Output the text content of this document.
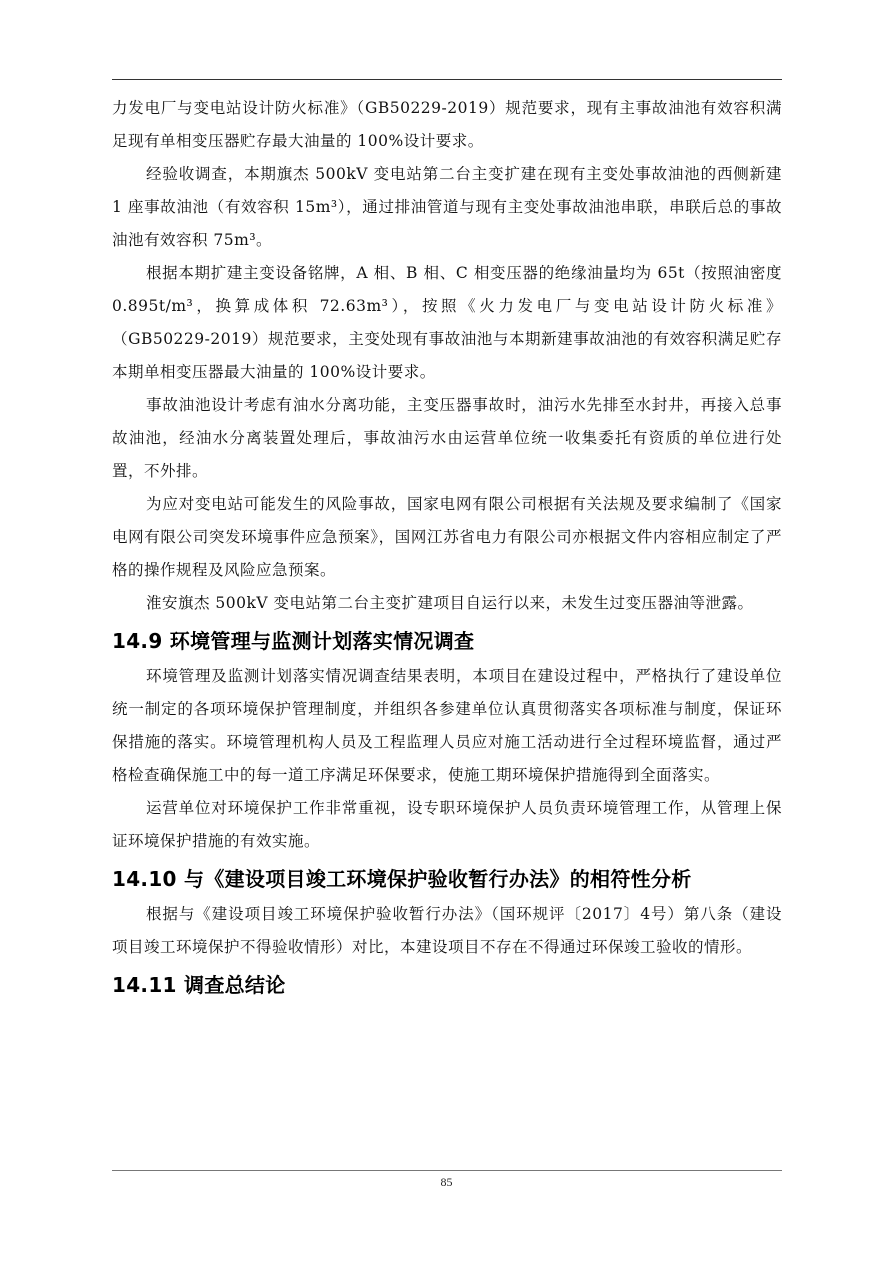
力发电厂与变电站设计防火标准》（GB50229-2019）规范要求，现有主事故油池有效容积满足现有单相变压器贮存最大油量的 100%设计要求。

经验收调查，本期旗杰 500kV 变电站第二台主变扩建在现有主变处事故油池的西侧新建 1 座事故油池（有效容积 15m³），通过排油管道与现有主变处事故油池串联，串联后总的事故油池有效容积 75m³。

根据本期扩建主变设备铭牌，A 相、B 相、C 相变压器的绝缘油量均为 65t（按照油密度 0.895t/m³，换算成体积 72.63m³），按照《火力发电厂与变电站设计防火标准》（GB50229-2019）规范要求，主变处现有事故油池与本期新建事故油池的有效容积满足贮存本期单相变压器最大油量的 100%设计要求。

事故油池设计考虑有油水分离功能，主变压器事故时，油污水先排至水封井，再接入总事故油池，经油水分离装置处理后，事故油污水由运营单位统一收集委托有资质的单位进行处置，不外排。

为应对变电站可能发生的风险事故，国家电网有限公司根据有关法规及要求编制了《国家电网有限公司突发环境事件应急预案》，国网江苏省电力有限公司亦根据文件内容相应制定了严格的操作规程及风险应急预案。

淮安旗杰 500kV 变电站第二台主变扩建项目自运行以来，未发生过变压器油等泄露。

14.9 环境管理与监测计划落实情况调查

环境管理及监测计划落实情况调查结果表明，本项目在建设过程中，严格执行了建设单位统一制定的各项环境保护管理制度，并组织各参建单位认真贯彻落实各项标准与制度，保证环保措施的落实。环境管理机构人员及工程监理人员应对施工活动进行全过程环境监督，通过严格检查确保施工中的每一道工序满足环保要求，使施工期环境保护措施得到全面落实。

运营单位对环境保护工作非常重视，设专职环境保护人员负责环境管理工作，从管理上保证环境保护措施的有效实施。

14.10 与《建设项目竣工环境保护验收暂行办法》的相符性分析

根据与《建设项目竣工环境保护验收暂行办法》（国环规评〔2017〕4号）第八条（建设项目竣工环境保护不得验收情形）对比，本建设项目不存在不得通过环保竣工验收的情形。

14.11 调查总结论
85
